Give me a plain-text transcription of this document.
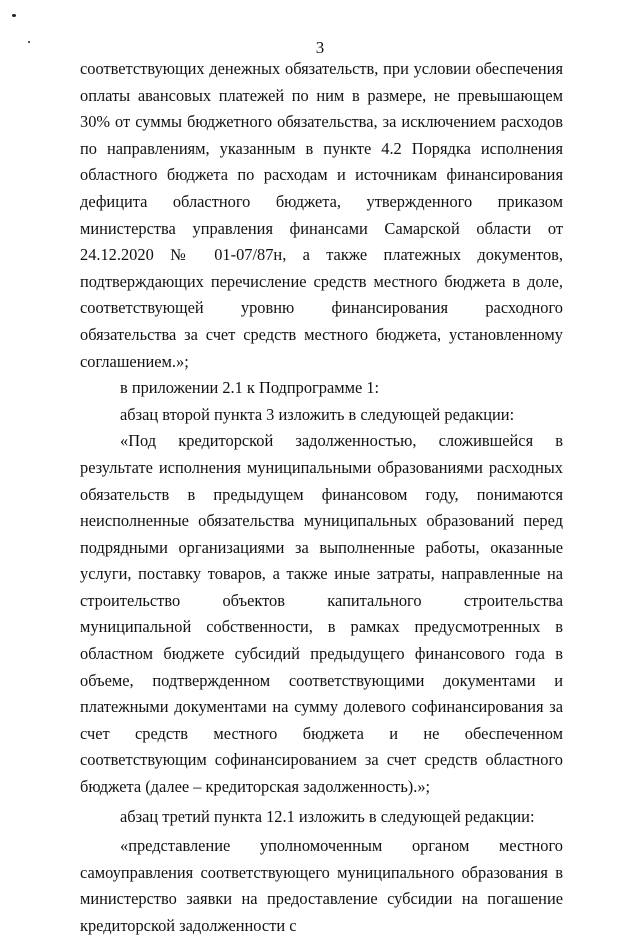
3

соответствующих денежных обязательств, при условии обеспечения оплаты авансовых платежей по ним в размере, не превышающем 30% от суммы бюджетного обязательства, за исключением расходов по направлениям, указанным в пункте 4.2 Порядка исполнения областного бюджета по расходам и источникам финансирования дефицита областного бюджета, утвержденного приказом министерства управления финансами Самарской области от 24.12.2020 № 01-07/87н, а также платежных документов, подтверждающих перечисление средств местного бюджета в доле, соответствующей уровню финансирования расходного обязательства за счет средств местного бюджета, установленному соглашением.»;

в приложении 2.1 к Подпрограмме 1:

абзац второй пункта 3 изложить в следующей редакции:

«Под кредиторской задолженностью, сложившейся в результате исполнения муниципальными образованиями расходных обязательств в предыдущем финансовом году, понимаются неисполненные обязательства муниципальных образований перед подрядными организациями за выполненные работы, оказанные услуги, поставку товаров, а также иные затраты, направленные на строительство объектов капитального строительства муниципальной собственности, в рамках предусмотренных в областном бюджете субсидий предыдущего финансового года в объеме, подтвержденном соответствующими документами и платежными документами на сумму долевого софинансирования за счет средств местного бюджета и не обеспеченном соответствующим софинансированием за счет средств областного бюджета (далее – кредиторская задолженность).»;

абзац третий пункта 12.1 изложить в следующей редакции:

«представление уполномоченным органом местного самоуправления соответствующего муниципального образования в министерство заявки на предоставление субсидии на погашение кредиторской задолженности с
